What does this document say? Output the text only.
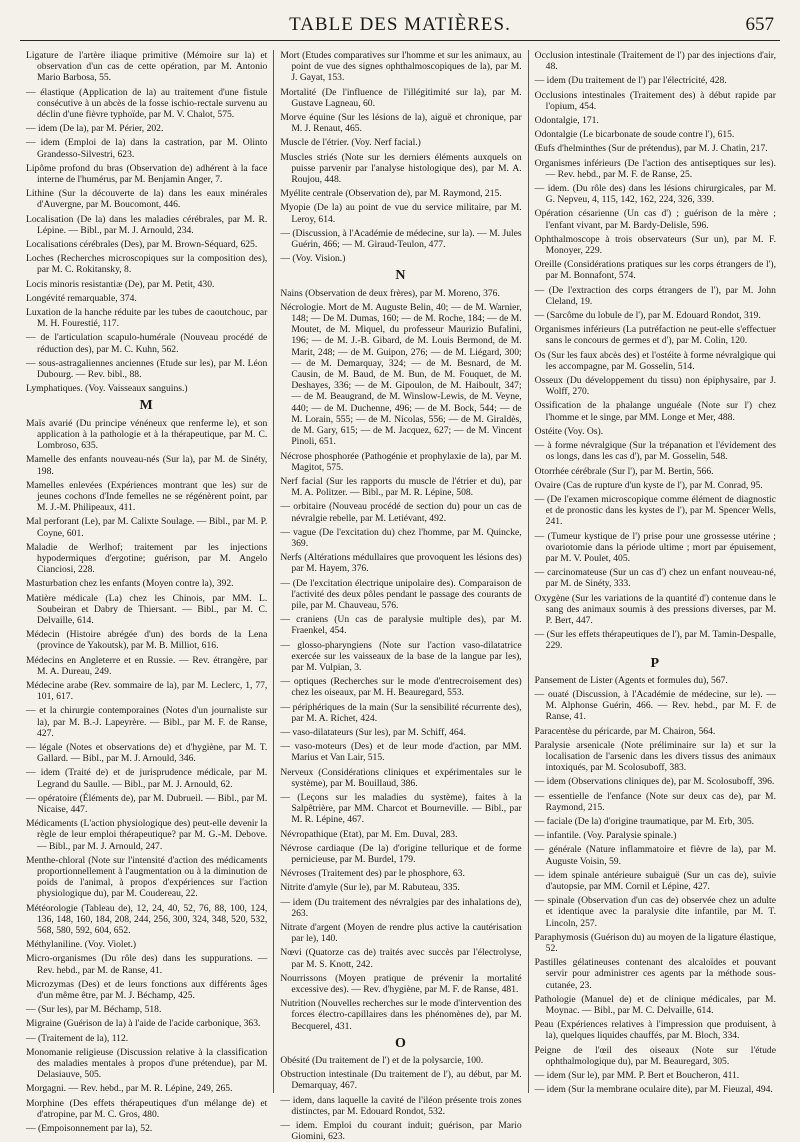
TABLE DES MATIÈRES.	657
Ligature de l'artère iliaque primitive (Mémoire sur la) et observation d'un cas de cette opération, par M. Antonio Mario Barbosa, 55.
— élastique (Application de la) au traitement d'une fistule consécutive à un abcès de la fosse ischio-rectale survenu au déclin d'une fièvre typhoïde, par M. V. Chalot, 575.
— idem (De la), par M. Périer, 202.
— idem (Emploi de la) dans la castration, par M. Olinto Grandesso-Silvestri, 623.
Lipôme profond du bras (Observation de) adhérent à la face interne de l'humérus, par M. Benjamin Anger, 7.
Lithine (Sur la découverte de la) dans les eaux minérales d'Auvergne, par M. Boucomont, 446.
Localisation (De la) dans les maladies cérébrales, par M. R. Lépine. — Bibl., par M. J. Arnould, 234.
Localisations cérébrales (Des), par M. Brown-Séquard, 625.
Loches (Recherches microscopiques sur la composition des), par M. C. Rokitansky, 8.
Locis minoris resistantiæ (De), par M. Petit, 430.
Longévité remarquable, 374.
Luxation de la hanche réduite par les tubes de caoutchouc, par M. H. Fourestié, 117.
— de l'articulation scapulo-humérale (Nouveau procédé de réduction des), par M. C. Kuhn, 562.
— sous-astragaliennes anciennes (Etude sur les), par M. Léon Dubourg. — Rev. bibl., 88.
Lymphatiques. (Voy. Vaisseaux sanguins.)
M
Maïs avarié (Du principe vénéneux que renferme le), et son application à la pathologie et à la thérapeutique, par M. C. Lombroso, 635.
Mamelle des enfants nouveau-nés (Sur la), par M. de Sinéty, 198.
Mamelles enlevées (Expériences montrant que les) sur de jeunes cochons d'Inde femelles ne se régénèrent point, par M. J.-M. Philipeaux, 411.
Mal perforant (Le), par M. Calixte Soulage. — Bibl., par M. P. Coyne, 601.
Maladie de Werlhof; traitement par les injections hypodermiques d'ergotine; guérison, par M. Angelo Cianciosi, 228.
Masturbation chez les enfants (Moyen contre la), 392.
Matière médicale (La) chez les Chinois, par MM. L. Soubeiran et Dabry de Thiersant. — Bibl., par M. C. Delvaille, 614.
Médecin (Histoire abrégée d'un) des bords de la Lena (province de Yakoutsk), par M. B. Milliot, 616.
Médecins en Angleterre et en Russie. — Rev. étrangère, par M. A. Dureau, 249.
Médecine arabe (Rev. sommaire de la), par M. Leclerc, 1, 77, 101, 617.
— et la chirurgie contemporaines (Notes d'un journaliste sur la), par M. B.-J. Lapeyrère. — Bibl., par M. F. de Ranse, 427.
— légale (Notes et observations de) et d'hygiène, par M. T. Gallard. — Bibl., par M. J. Arnould, 346.
— idem (Traité de) et de jurisprudence médicale, par M. Legrand du Saulle. — Bibl., par M. J. Arnould, 62.
— opératoire (Éléments de), par M. Dubrueil. — Bibl., par M. Nicaise, 447.
Médicaments (L'action physiologique des) peut-elle devenir la règle de leur emploi thérapeutique? par M. G.-M. Debove. — Bibl., par M. J. Arnould, 247.
Menthe-chloral (Note sur l'intensité d'action des médicaments proportionnellement à l'augmentation ou à la diminution de poids de l'animal, à propos d'expériences sur l'action physiologique du), par M. Coudereau, 22.
Météorologie (Tableau de), 12, 24, 40, 52, 76, 88, 100, 124, 136, 148, 160, 184, 208, 244, 256, 300, 324, 348, 520, 532, 568, 580, 592, 604, 652.
Méthylaniline. (Voy. Violet.)
Micro-organismes (Du rôle des) dans les suppurations. — Rev. hebd., par M. de Ranse, 41.
Microzymas (Des) et de leurs fonctions aux différents âges d'un même être, par M. J. Béchamp, 425.
— (Sur les), par M. Béchamp, 518.
Migraine (Guérison de la) à l'aide de l'acide carbonique, 363.
— (Traitement de la), 112.
Monomanie religieuse (Discussion relative à la classification des maladies mentales à propos d'une prétendue), par M. Delasiauve, 505.
Morgagni. — Rev. hebd., par M. R. Lépine, 249, 265.
Morphine (Des effets thérapeutiques d'un mélange de) et d'atropine, par M. C. Gros, 480.
— (Empoisonnement par la), 52.
Mort (Etudes comparatives sur l'homme et sur les animaux, au point de vue des signes ophthalmoscopiques de la), par M. J. Gayat, 153.
Mortalité (De l'influence de l'illégitimité sur la), par M. Gustave Lagneau, 60.
Morve équine (Sur les lésions de la), aiguë et chronique, par M. J. Renaut, 465.
Muscle de l'étrier. (Voy. Nerf facial.)
Muscles striés (Note sur les derniers éléments auxquels on puisse parvenir par l'analyse histologique des), par M. A. Roujou, 448.
Myélite centrale (Observation de), par M. Raymond, 215.
Myopie (De la) au point de vue du service militaire, par M. Leroy, 614.
— (Discussion, à l'Académie de médecine, sur la). — M. Jules Guérin, 466; — M. Giraud-Teulon, 477.
— (Voy. Vision.)
N
Nains (Observation de deux frères), par M. Moreno, 376.
Nécrologie. Mort de M. Auguste Belin, 40; — de M. Warnier, 148; — De M. Dumas, 160; — de M. Roche, 184; — de M. Moutet, de M. Miquel, du professeur Maurizio Bufalini, 196; — de M. J.-B. Gibard, de M. Louis Bermond, de M. Marit, 248; — de M. Guipon, 276; — de M. Liégard, 300; — de M. Demarquay, 324; — de M. Besnard, de M. Causin, de M. Baud, de M. Bun, de M. Fouquet, de M. Deshayes, 336; — de M. Gipoulon, de M. Haiboult, 347; — de M. Beaugrand, de M. Winslow-Lewis, de M. Veyne, 440; — de M. Duchenne, 496; — de M. Bock, 544; — de M. Lorain, 555; — de M. Nicolas, 556; — de M. Giraldès, de M. Gary, 615; — de M. Jacquez, 627; — de M. Vincent Pinoli, 651.
Nécrose phosphorée (Pathogénie et prophylaxie de la), par M. Magitot, 575.
Nerf facial (Sur les rapports du muscle de l'étrier et du), par M. A. Politzer. — Bibl., par M. R. Lépine, 508.
— orbitaire (Nouveau procédé de section du) pour un cas de névralgie rebelle, par M. Letiévant, 492.
— vague (De l'excitation du) chez l'homme, par M. Quincke, 369.
Nerfs (Altérations médullaires que provoquent les lésions des) par M. Hayem, 376.
— (De l'excitation électrique unipolaire des). Comparaison de l'activité des deux pôles pendant le passage des courants de pile, par M. Chauveau, 576.
— craniens (Un cas de paralysie multiple des), par M. Fraenkel, 454.
— glosso-pharyngiens (Note sur l'action vaso-dilatatrice exercée sur les vaisseaux de la base de la langue par les), par M. Vulpian, 3.
— optiques (Recherches sur le mode d'entrecroisement des) chez les oiseaux, par M. H. Beauregard, 553.
— périphériques de la main (Sur la sensibilité récurrente des), par M. A. Richet, 424.
— vaso-dilatateurs (Sur les), par M. Schiff, 464.
— vaso-moteurs (Des) et de leur mode d'action, par MM. Marius et Van Lair, 515.
Nerveux (Considérations cliniques et expérimentales sur le système), par M. Bouillaud, 386.
— (Leçons sur les maladies du système), faites à la Salpêtrière, par MM. Charcot et Bourneville. — Bibl., par M. R. Lépine, 467.
Névropathique (Etat), par M. Em. Duval, 283.
Névrose cardiaque (De la) d'origine tellurique et de forme pernicieuse, par M. Burdel, 179.
Névroses (Traitement des) par le phosphore, 63.
Nitrite d'amyle (Sur le), par M. Rabuteau, 335.
— idem (Du traitement des névralgies par des inhalations de), 263.
Nitrate d'argent (Moyen de rendre plus active la cautérisation par le), 140.
Nœvi (Quatorze cas de) traités avec succès par l'électrolyse, par M. S. Knott, 242.
Nourrissons (Moyen pratique de prévenir la mortalité excessive des). — Rev. d'hygiène, par M. F. de Ranse, 481.
Nutrition (Nouvelles recherches sur le mode d'intervention des forces électro-capillaires dans les phénomènes de), par M. Becquerel, 431.
O
Obésité (Du traitement de l') et de la polysarcie, 100.
Obstruction intestinale (Du traitement de l'), au début, par M. Demarquay, 467.
— idem, dans laquelle la cavité de l'iléon présente trois zones distinctes, par M. Edouard Rondot, 532.
— idem. Emploi du courant induit; guérison, par Mario Giomini, 623.
Occlusion intestinale (Traitement de l') par des injections d'air, 48.
— idem (Du traitement de l') par l'électricité, 428.
Occlusions intestinales (Traitement des) à début rapide par l'opium, 454.
Odontalgie, 171.
Odontalgie (Le bicarbonate de soude contre l'), 615.
Œufs d'helminthes (Sur de prétendus), par M. J. Chatin, 217.
Organismes inférieurs (De l'action des antiseptiques sur les). — Rev. hebd., par M. F. de Ranse, 25.
— idem. (Du rôle des) dans les lésions chirurgicales, par M. G. Nepveu, 4, 115, 142, 162, 224, 326, 339.
Opération césarienne (Un cas d') ; guérison de la mère ; l'enfant vivant, par M. Bardy-Delisle, 596.
Ophthalmoscope à trois observateurs (Sur un), par M. F. Monoyer, 229.
Oreille (Considérations pratiques sur les corps étrangers de l'), par M. Bonnafont, 574.
— (De l'extraction des corps étrangers de l'), par M. John Cleland, 19.
— (Sarcôme du lobule de l'), par M. Edouard Rondot, 319.
Organismes inférieurs (La putréfaction ne peut-elle s'effectuer sans le concours de germes et d'), par M. Colin, 120.
Os (Sur les faux abcès des) et l'ostéite à forme névralgique qui les accompagne, par M. Gosselin, 514.
Osseux (Du développement du tissu) non épiphysaire, par J. Wolff, 270.
Ossification de la phalange unguéale (Note sur l') chez l'homme et le singe, par MM. Longe et Mer, 488.
Ostéite (Voy. Os).
— à forme névralgique (Sur la trépanation et l'évidement des os longs, dans les cas d'), par M. Gosselin, 548.
Otorrhée cérébrale (Sur l'), par M. Bertin, 566.
Ovaire (Cas de rupture d'un kyste de l'), par M. Conrad, 95.
— (De l'examen microscopique comme élément de diagnostic et de pronostic dans les kystes de l'), par M. Spencer Wells, 241.
— (Tumeur kystique de l') prise pour une grossesse utérine ; ovariotomie dans la période ultime ; mort par épuisement, par M. V. Poulet, 405.
— carcinomateuse (Sur un cas d') chez un enfant nouveau-né, par M. de Sinéty, 333.
Oxygène (Sur les variations de la quantité d') contenue dans le sang des animaux soumis à des pressions diverses, par M. P. Bert, 447.
— (Sur les effets thérapeutiques de l'), par M. Tamin-Despalle, 229.
P
Pansement de Lister (Agents et formules du), 567.
— ouaté (Discussion, à l'Académie de médecine, sur le). — M. Alphonse Guérin, 466. — Rev. hebd., par M. F. de Ranse, 41.
Paracentèse du péricarde, par M. Chairon, 564.
Paralysie arsenicale (Note préliminaire sur la) et sur la localisation de l'arsenic dans les divers tissus des animaux intoxiqués, par M. Scolosuboff, 383.
— idem (Observations cliniques de), par M. Scolosuboff, 396.
— essentielle de l'enfance (Note sur deux cas de), par M. Raymond, 215.
— faciale (De la) d'origine traumatique, par M. Erb, 305.
— infantile. (Voy. Paralysie spinale.)
— générale (Nature inflammatoire et fièvre de la), par M. Auguste Voisin, 59.
— idem spinale antérieure subaiguë (Sur un cas de), suivie d'autopsie, par MM. Cornil et Lépine, 427.
— spinale (Observation d'un cas de) observée chez un adulte et identique avec la paralysie dite infantile, par M. T. Lincoln, 257.
Paraphymosis (Guérison du) au moyen de la ligature élastique, 52.
Pastilles gélatineuses contenant des alcaloïdes et pouvant servir pour administrer ces agents par la méthode sous-cutanée, 23.
Pathologie (Manuel de) et de clinique médicales, par M. Moynac. — Bibl., par M. C. Delvaille, 614.
Peau (Expériences relatives à l'impression que produisent, à la), quelques liquides chauffés, par M. Bloch, 334.
Peigne de l'œil des oiseaux (Note sur l'étude ophthalmologique du), par M. Beauregard, 305.
— idem (Sur le), par MM. P. Bert et Boucheron, 411.
— idem (Sur la membrane oculaire dite), par M. Fieuzal, 494.
